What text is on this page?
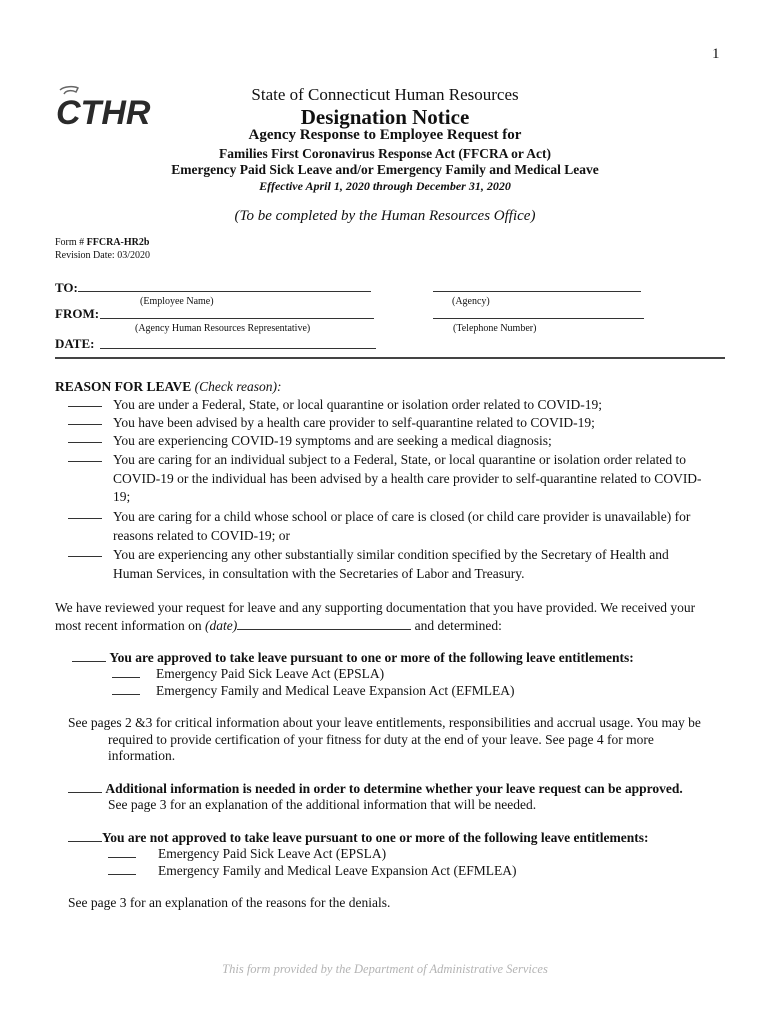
1
CTHR	State of Connecticut Human Resources
Designation Notice
Agency Response to Employee Request for
Families First Coronavirus Response Act (FFCRA or Act)
Emergency Paid Sick Leave and/or Emergency Family and Medical Leave
Effective April 1, 2020 through December 31, 2020
(To be completed by the Human Resources Office)
Form # FFCRA-HR2b
Revision Date: 03/2020
TO:
(Employee Name)	(Agency)
FROM:
(Agency Human Resources Representative)	(Telephone Number)
DATE:
REASON FOR LEAVE (Check reason):
You are under a Federal, State, or local quarantine or isolation order related to COVID-19;
You have been advised by a health care provider to self-quarantine related to COVID-19;
You are experiencing COVID-19 symptoms and are seeking a medical diagnosis;
You are caring for an individual subject to a Federal, State, or local quarantine or isolation order related to COVID-19 or the individual has been advised by a health care provider to self-quarantine related to COVID-19;
You are caring for a child whose school or place of care is closed (or child care provider is unavailable) for reasons related to COVID-19; or
You are experiencing any other substantially similar condition specified by the Secretary of Health and Human Services, in consultation with the Secretaries of Labor and Treasury.
We have reviewed your request for leave and any supporting documentation that you have provided. We received your
most recent information on (date)	and determined:
You are approved to take leave pursuant to one or more of the following leave entitlements:
Emergency Paid Sick Leave Act (EPSLA)
Emergency Family and Medical Leave Expansion Act (EFMLEA)
See pages 2 &3 for critical information about your leave entitlements, responsibilities and accrual usage. You may be
required to provide certification of your fitness for duty at the end of your leave. See page 4 for more
information.
Additional information is needed in order to determine whether your leave request can be approved.
See page 3 for an explanation of the additional information that will be needed.
You are not approved to take leave pursuant to one or more of the following leave entitlements:
Emergency Paid Sick Leave Act (EPSLA)
Emergency Family and Medical Leave Expansion Act (EFMLEA)
See page 3 for an explanation of the reasons for the denials.
This form provided by the Department of Administrative Services
